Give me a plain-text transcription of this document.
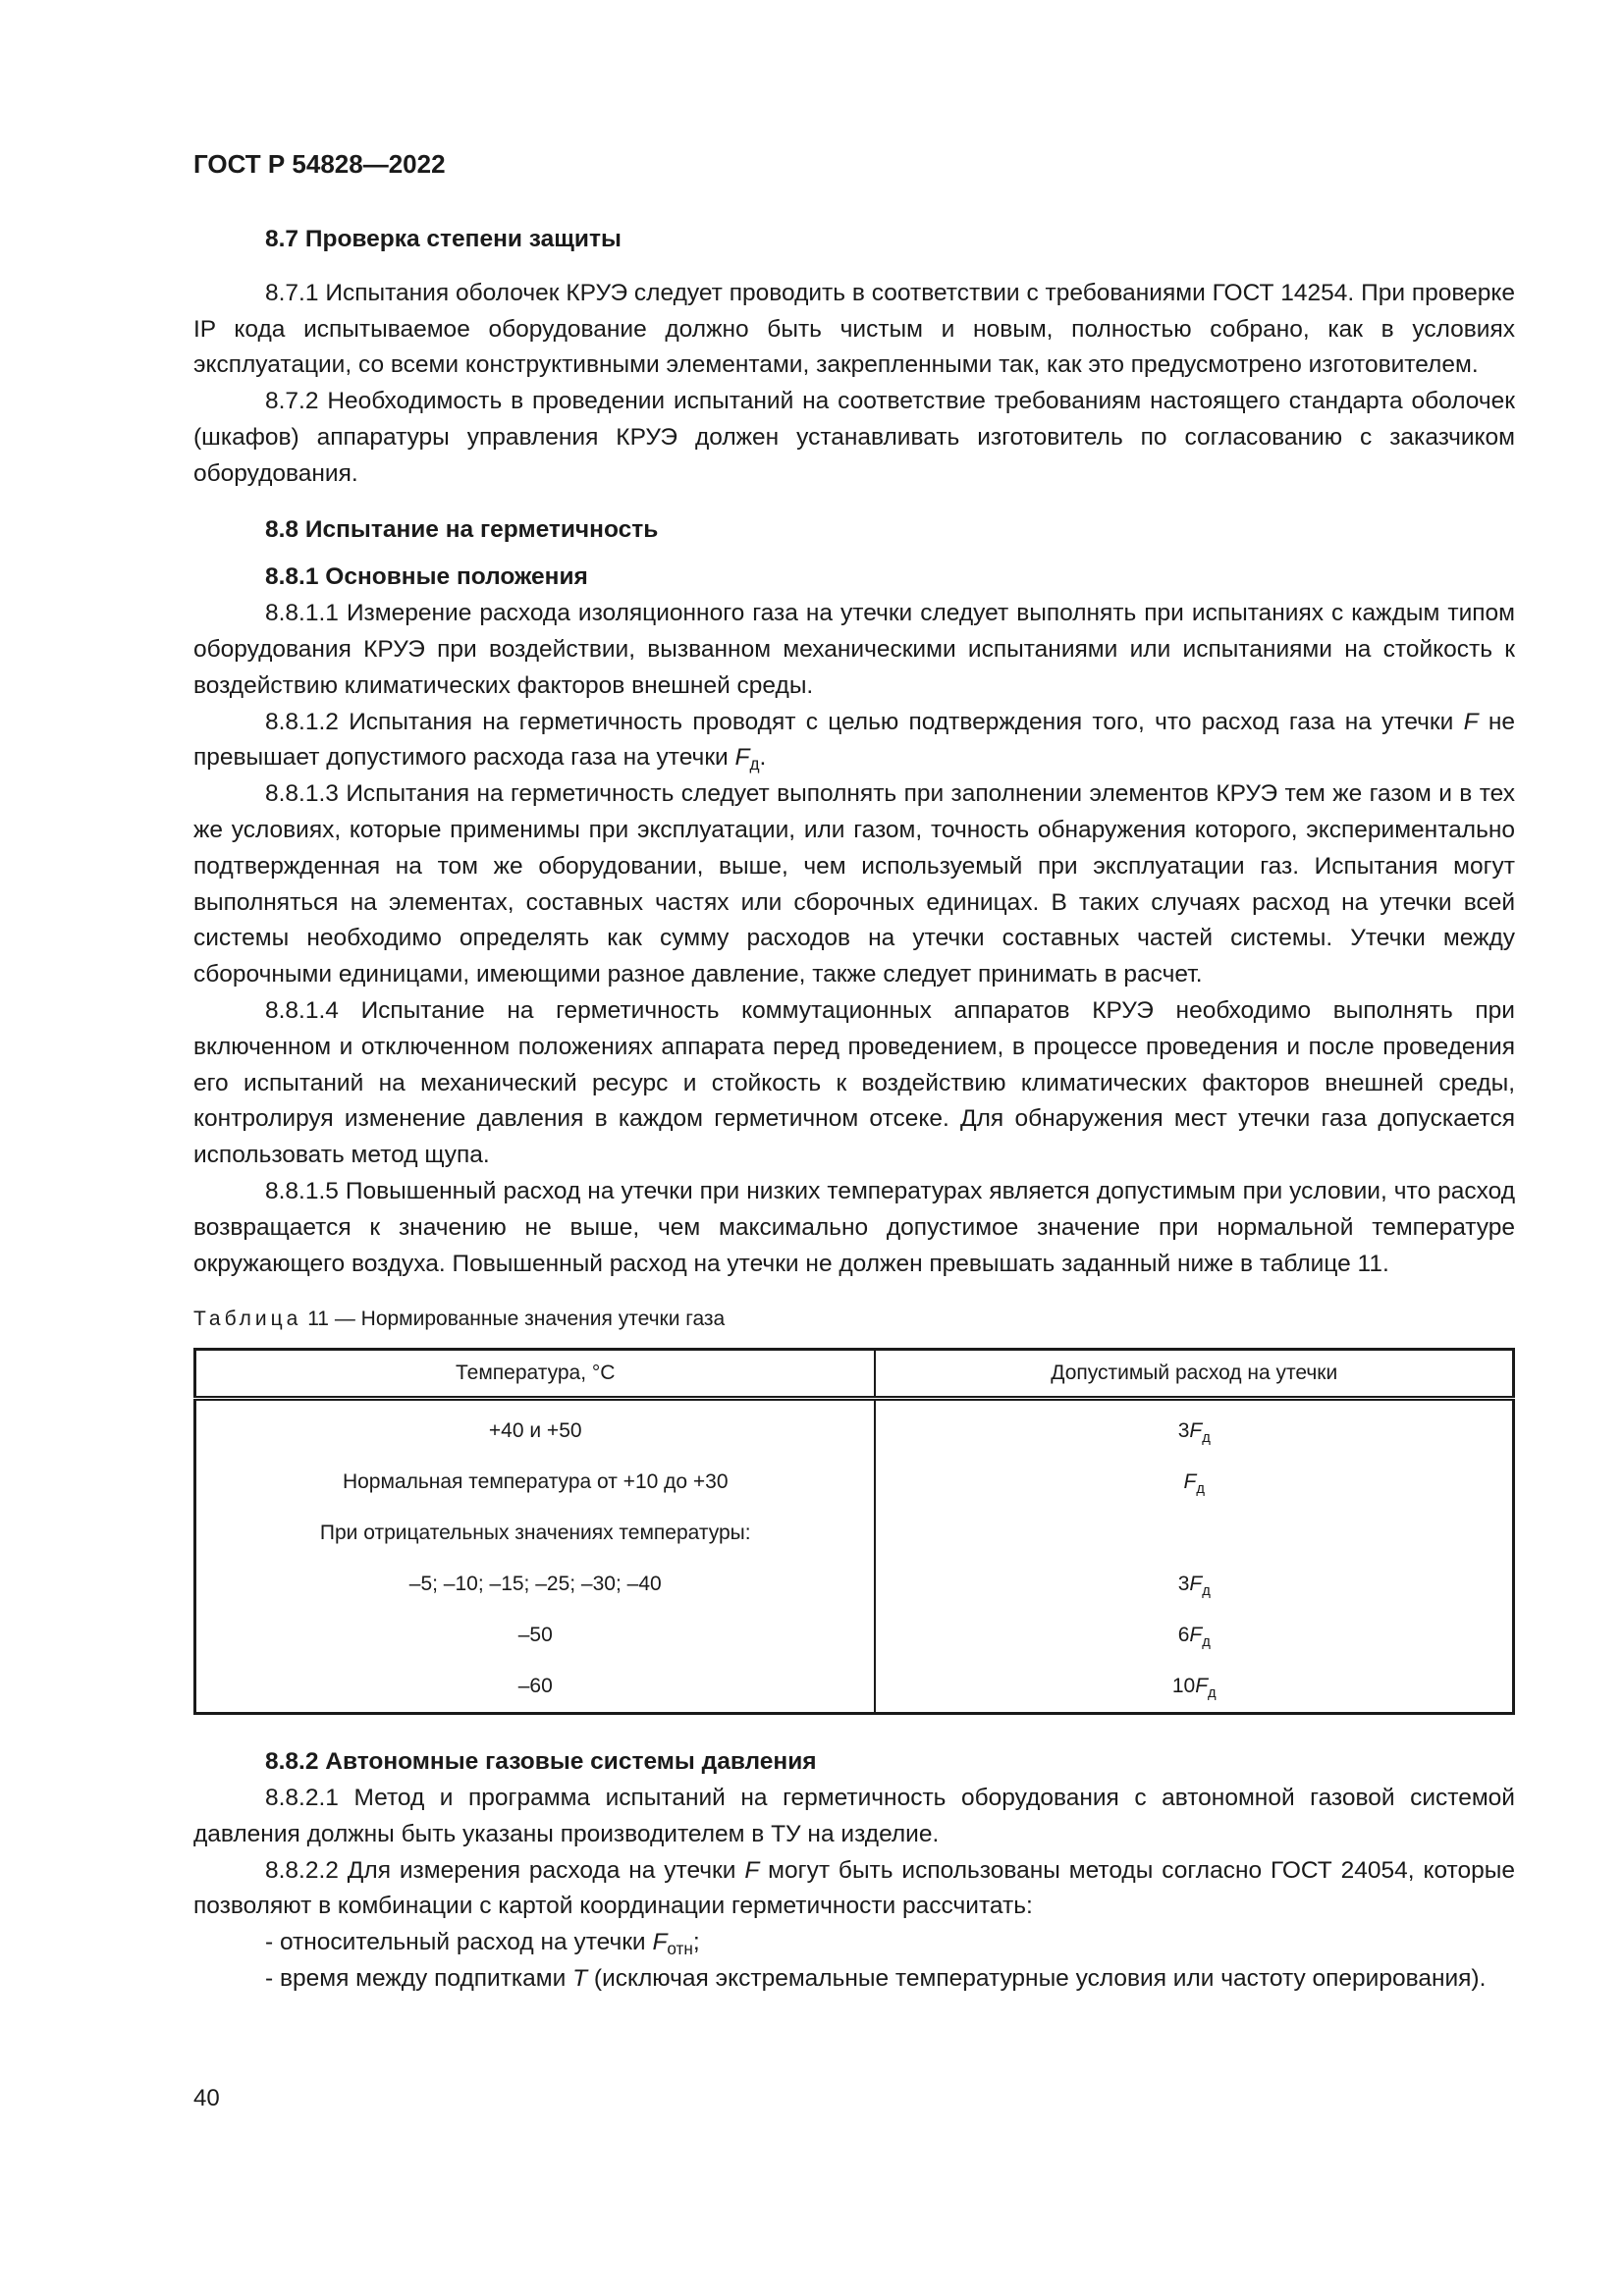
ГОСТ Р 54828—2022

8.7 Проверка степени защиты

8.7.1 Испытания оболочек КРУЭ следует проводить в соответствии с требованиями ГОСТ 14254. При проверке IP кода испытываемое оборудование должно быть чистым и новым, полностью собрано, как в условиях эксплуатации, со всеми конструктивными элементами, закрепленными так, как это предусмотрено изготовителем.

8.7.2 Необходимость в проведении испытаний на соответствие требованиям настоящего стандарта оболочек (шкафов) аппаратуры управления КРУЭ должен устанавливать изготовитель по согласованию с заказчиком оборудования.

8.8 Испытание на герметичность

8.8.1 Основные положения

8.8.1.1 Измерение расхода изоляционного газа на утечки следует выполнять при испытаниях с каждым типом оборудования КРУЭ при воздействии, вызванном механическими испытаниями или испытаниями на стойкость к воздействию климатических факторов внешней среды.

8.8.1.2 Испытания на герметичность проводят с целью подтверждения того, что расход газа на утечки F не превышает допустимого расхода газа на утечки $F_д$.

8.8.1.3 Испытания на герметичность следует выполнять при заполнении элементов КРУЭ тем же газом и в тех же условиях, которые применимы при эксплуатации, или газом, точность обнаружения которого, экспериментально подтвержденная на том же оборудовании, выше, чем используемый при эксплуатации газ. Испытания могут выполняться на элементах, составных частях или сборочных единицах. В таких случаях расход на утечки всей системы необходимо определять как сумму расходов на утечки составных частей системы. Утечки между сборочными единицами, имеющими разное давление, также следует принимать в расчет.

8.8.1.4 Испытание на герметичность коммутационных аппаратов КРУЭ необходимо выполнять при включенном и отключенном положениях аппарата перед проведением, в процессе проведения и после проведения его испытаний на механический ресурс и стойкость к воздействию климатических факторов внешней среды, контролируя изменение давления в каждом герметичном отсеке. Для обнаружения мест утечки газа допускается использовать метод щупа.

8.8.1.5 Повышенный расход на утечки при низких температурах является допустимым при условии, что расход возвращается к значению не выше, чем максимально допустимое значение при нормальной температуре окружающего воздуха. Повышенный расход на утечки не должен превышать заданный ниже в таблице 11.

Таблица 11 — Нормированные значения утечки газа
Температура, °С	Допустимый расход на утечки
+40 и +50	$3F_д$
Нормальная температура от +10 до +30	$F_д$
При отрицательных значениях температуры:	
–5; –10; –15; –25; –30; –40	$3F_д$
–50	$6F_д$
–60	$10F_д$

8.8.2 Автономные газовые системы давления

8.8.2.1 Метод и программа испытаний на герметичность оборудования с автономной газовой системой давления должны быть указаны производителем в ТУ на изделие.

8.8.2.2 Для измерения расхода на утечки F могут быть использованы методы согласно ГОСТ 24054, которые позволяют в комбинации с картой координации герметичности рассчитать:

- относительный расход на утечки $F_{отн}$;

- время между подпитками T (исключая экстремальные температурные условия или частоту оперирования).

40
